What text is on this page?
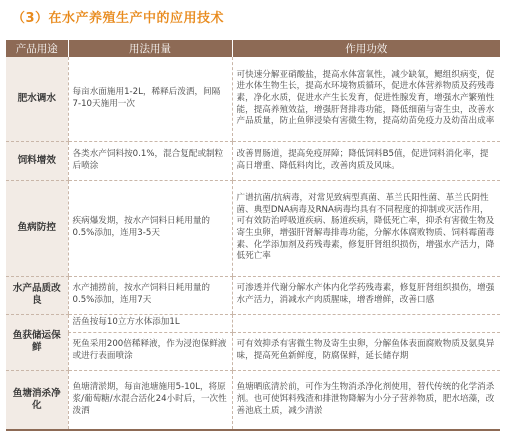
（3）在水产养殖生产中的应用技术
产品用途	用法用量	作用功效
肥水调水	每亩水面施用1-2L，稀释后泼洒，间隔7-10天施用一次	可快速分解亚硝酸盐，提高水体富氧性，减少缺氧，鳃组织病变，促进水体生物生长，提高水环境物质循环，促进水体营养物质及药残毒素，净化水质，促进水产生长发育，促进性腺发育，增强水产繁殖性能，提高养殖效益，增强肝肾排毒功能，降低细菌与寄生虫，改善水产品质量，防止鱼卵浸染有害微生物，提高幼苗免疫力及幼苗出成率
饲料增效	各类水产饲料按0.1%，混合复配或制粒后喷涂	改善胃肠道，提高免疫屏障；降低饲料B5值，促进饲料消化率，提高日增重、降低料肉比，改善肉质及风味。
鱼病防控	疾病爆发期，按水产饲料日耗用量的0.5%添加，连用3-5天	广谱抗菌/抗病毒，对常见致病型真菌、革兰氏阳性菌、革兰氏阴性菌、典型DNA病毒及RNA病毒均具有不同程度的抑制或灭活作用，可有效防治呼吸道疾病、肠道疾病，降低死亡率，抑杀有害微生物及寄生虫卵，增强肝肾解毒排毒功能，分解水体腐败物质、饲料霉菌毒素、化学添加剂及药残毒素，修复肝肾组织损伤，增强水产活力，降低死亡率
水产品质改良	水产捕捞前，按水产饲料日耗用量的0.5%添加，连用7天	可渗透并代谢分解水产体内化学药残毒素，修复肝肾组织损伤，增强水产活力，消减水产肉质腥味，增香增鲜，改善口感
鱼获储运保鲜	活鱼按每10立方水体添加1L	
	死鱼采用200倍稀释液，作为浸泡保鲜液或进行表面喷涂	可有效抑杀有害微生物及寄生虫卵，分解鱼体表面腐败物质及氨臭异味，提高死鱼新鲜度，防腐保鲜，延长储存期
鱼塘消杀净化	鱼塘清淤期，每亩池塘施用5-10L，将原浆/葡萄糖/水混合活化24小时后，一次性泼洒	鱼塘晒底清於前，可作为生物消杀净化剂使用，替代传统的化学消杀剂。也可使饵料残渣和排泄物降解为小分子营养物质，肥水培藻，改善池底土质，减少清淤
